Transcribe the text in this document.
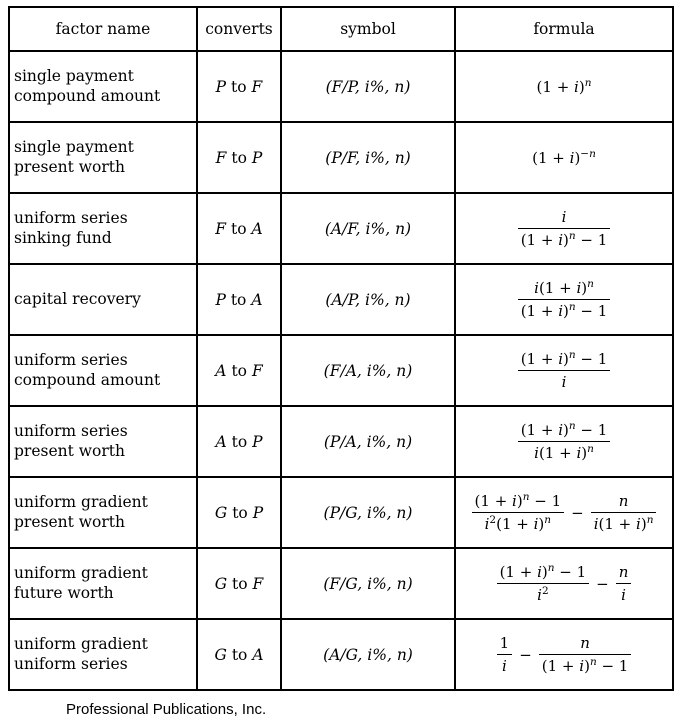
factor name	converts	symbol	formula

single payment
compound amount	P to F	(F/P, i%, n)	$(1 + i)^n$

single payment
present worth	F to P	(P/F, i%, n)	$(1 + i)^{-n}$

uniform series
sinking fund	F to A	(A/F, i%, n)	$\frac{i}{(1 + i)^n - 1}$

capital recovery	P to A	(A/P, i%, n)	$\frac{i(1 + i)^n}{(1 + i)^n - 1}$

uniform series
compound amount	A to F	(F/A, i%, n)	$\frac{(1 + i)^n - 1}{i}$

uniform series
present worth	A to P	(P/A, i%, n)	$\frac{(1 + i)^n - 1}{i(1 + i)^n}$

uniform gradient
present worth	G to P	(P/G, i%, n)	$\frac{(1 + i)^n - 1}{i^2(1 + i)^n} - \frac{n}{i(1 + i)^n}$

uniform gradient
future worth	G to F	(F/G, i%, n)	$\frac{(1 + i)^n - 1}{i^2} - \frac{n}{i}$

uniform gradient
uniform series	G to A	(A/G, i%, n)	$\frac{1}{i} - \frac{n}{(1 + i)^n - 1}$
Professional Publications, Inc.
